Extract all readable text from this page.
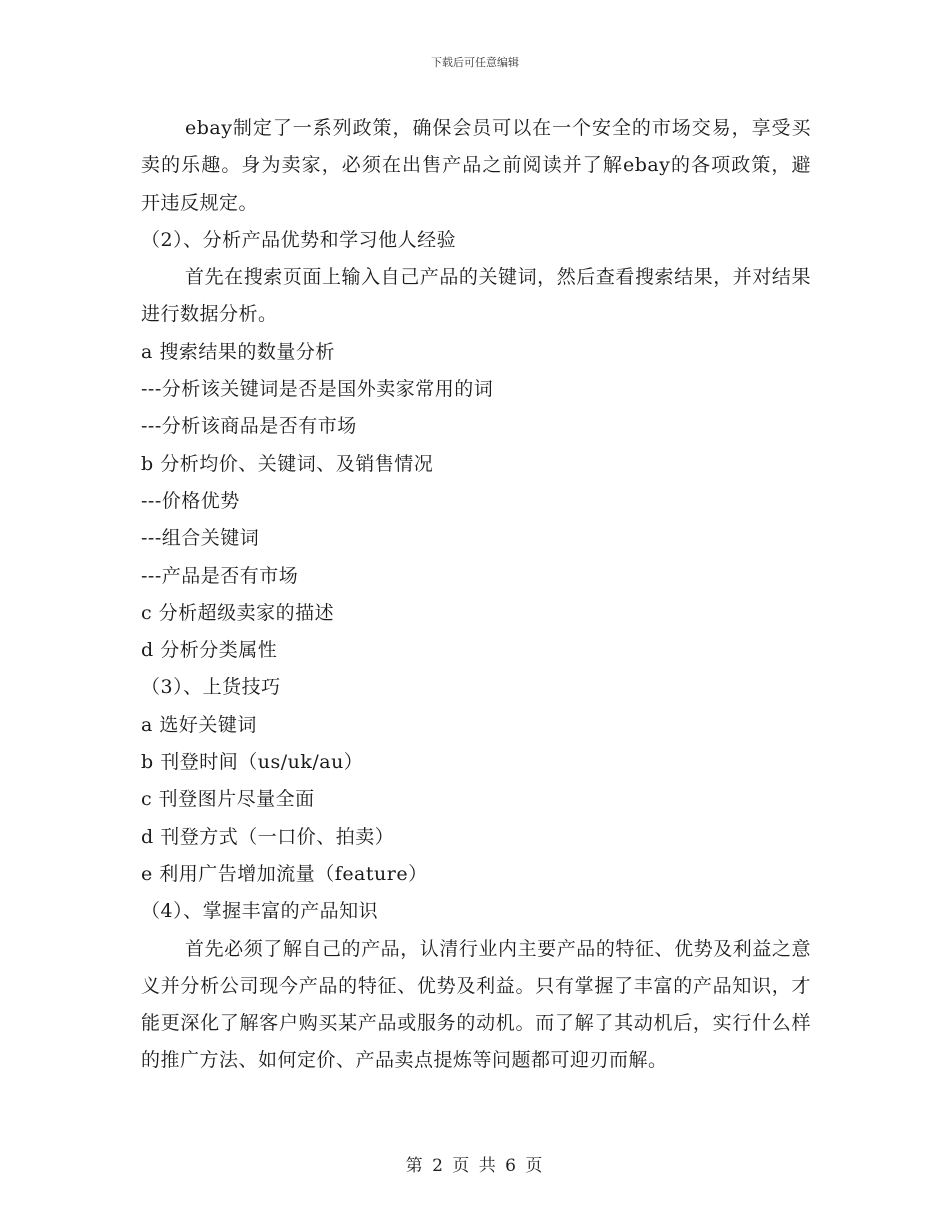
下载后可任意编辑

ebay制定了一系列政策，确保会员可以在一个安全的市场交易，享受买卖的乐趣。身为卖家，必须在出售产品之前阅读并了解ebay的各项政策，避开违反规定。

（2）、分析产品优势和学习他人经验

首先在搜索页面上输入自己产品的关键词，然后查看搜索结果，并对结果进行数据分析。

a 搜索结果的数量分析

---分析该关键词是否是国外卖家常用的词

---分析该商品是否有市场

b 分析均价、关键词、及销售情况

---价格优势

---组合关键词

---产品是否有市场

c 分析超级卖家的描述

d 分析分类属性

（3）、上货技巧

a 选好关键词

b 刊登时间（us/uk/au）

c 刊登图片尽量全面

d 刊登方式（一口价、拍卖）

e 利用广告增加流量（feature）

（4）、掌握丰富的产品知识

首先必须了解自己的产品，认清行业内主要产品的特征、优势及利益之意义并分析公司现今产品的特征、优势及利益。只有掌握了丰富的产品知识，才能更深化了解客户购买某产品或服务的动机。而了解了其动机后，实行什么样的推广方法、如何定价、产品卖点提炼等问题都可迎刃而解。

第 2 页 共 6 页
